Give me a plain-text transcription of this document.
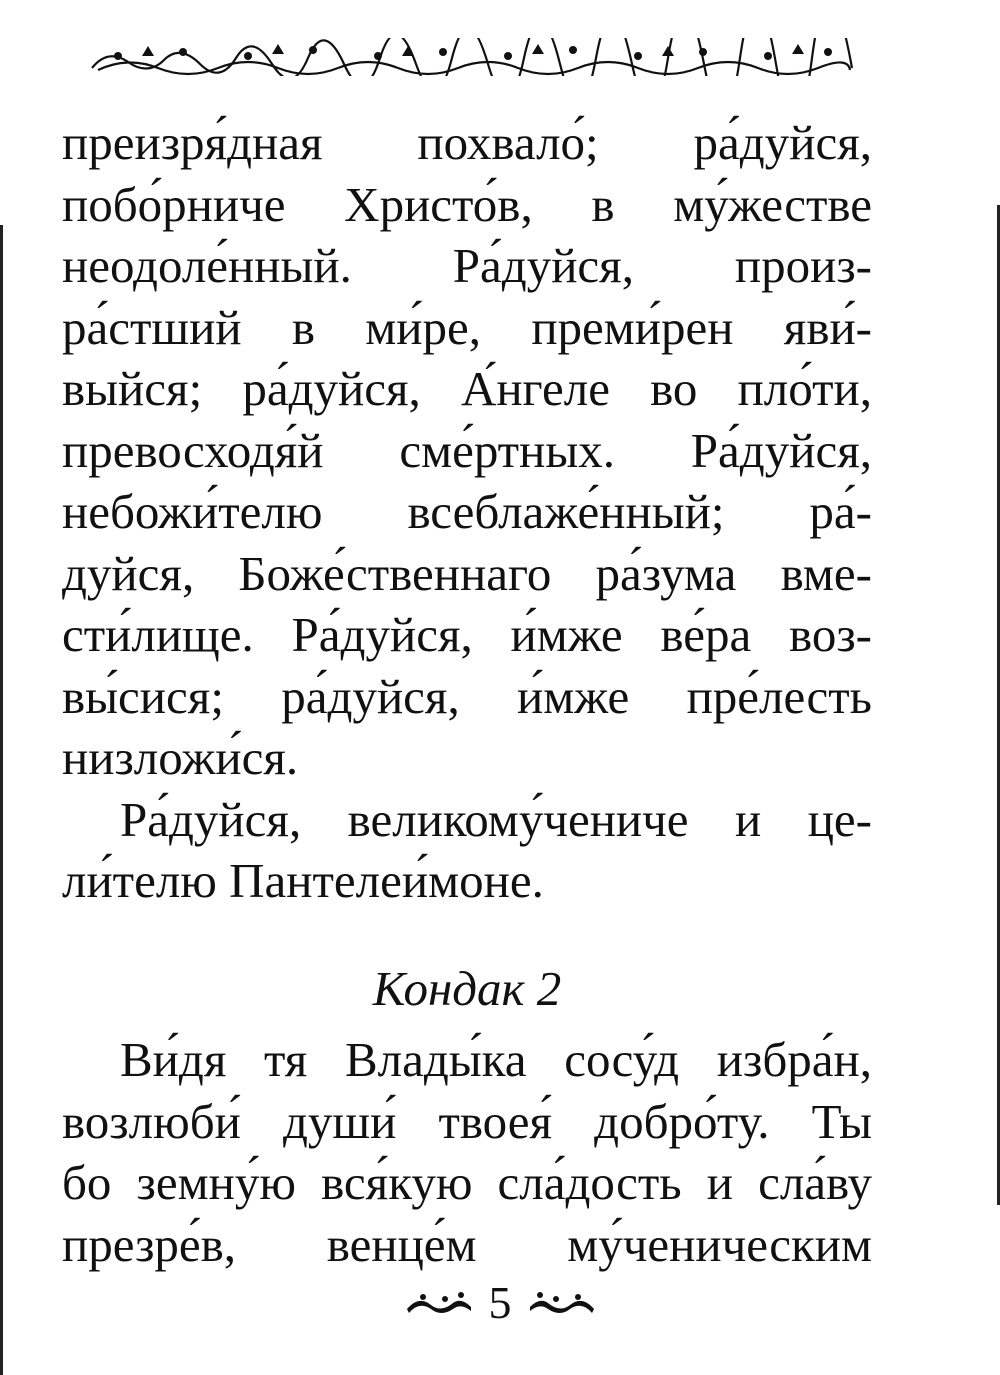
преизря́дная похвало́; ра́дуйся,
побо́рниче Христо́в, в му́жестве
неодоле́нный. Ра́дуйся, произ-
ра́стший в ми́ре, преми́рен яви́-
выйся; ра́дуйся, А́нгеле во пло́ти,
превосходя́й сме́ртных. Ра́дуйся,
небожи́телю всеблаже́нный; ра́-
дуйся, Боже́ственнаго ра́зума вме-
сти́лище. Ра́дуйся, и́мже ве́ра воз-
вы́сися; ра́дуйся, и́мже пре́лесть
низложи́ся.
Ра́дуйся, великому́чениче и це-
ли́телю Пантелеи́моне.
Кондак 2
Ви́дя тя Влады́ка сосу́д избра́н,
возлюби́ души́ твоея́ добро́ту. Ты
бо земну́ю вся́кую сла́дость и сла́ву
презре́в, венце́м му́ченическим
5
